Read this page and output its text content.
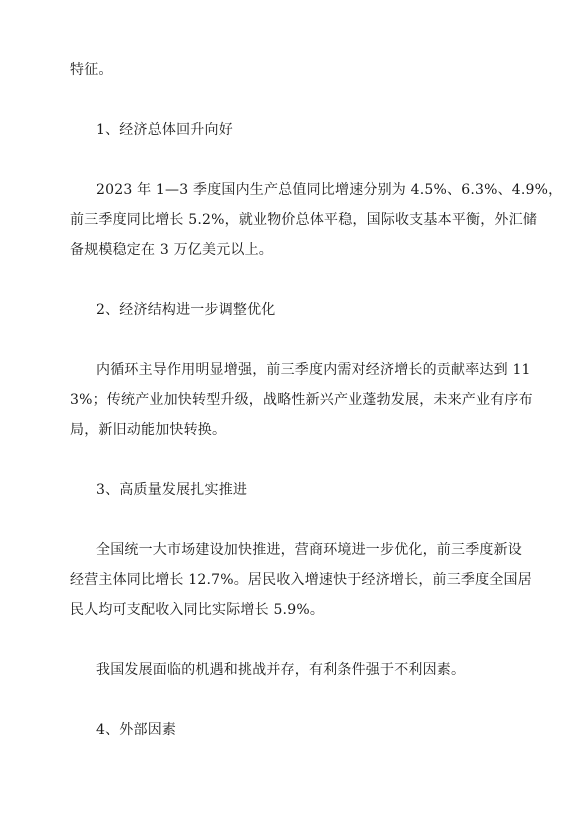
特征。
1、经济总体回升向好
2023 年 1—3 季度国内生产总值同比增速分别为 4.5%、6.3%、4.9%，
前三季度同比增长 5.2%，就业物价总体平稳，国际收支基本平衡，外汇储
备规模稳定在 3 万亿美元以上。
2、经济结构进一步调整优化
内循环主导作用明显增强，前三季度内需对经济增长的贡献率达到 11
3%；传统产业加快转型升级，战略性新兴产业蓬勃发展，未来产业有序布
局，新旧动能加快转换。
3、高质量发展扎实推进
全国统一大市场建设加快推进，营商环境进一步优化，前三季度新设
经营主体同比增长 12.7%。居民收入增速快于经济增长，前三季度全国居
民人均可支配收入同比实际增长 5.9%。
我国发展面临的机遇和挑战并存，有利条件强于不利因素。
4、外部因素
